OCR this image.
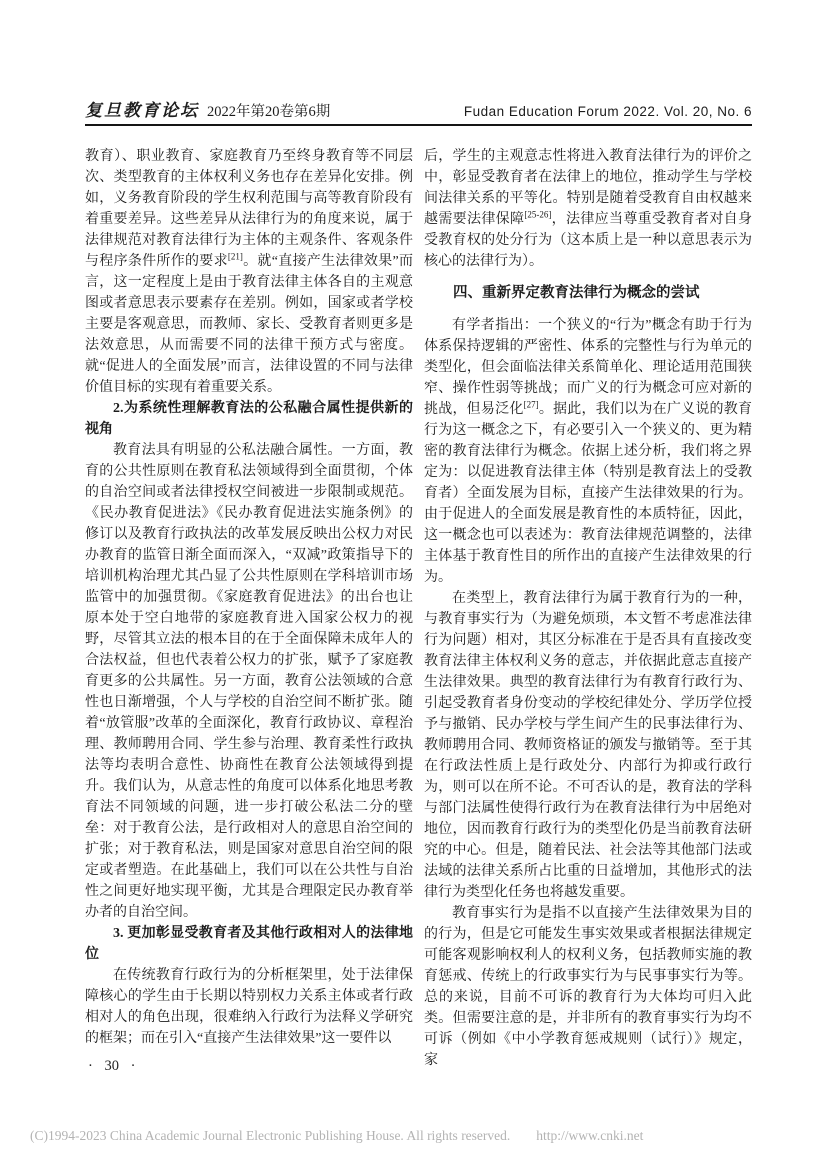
复旦教育论坛 2022年第20卷第6期	Fudan Education Forum 2022. Vol. 20, No. 6

教育）、职业教育、家庭教育乃至终身教育等不同层次、类型教育的主体权利义务也存在差异化安排。例如，义务教育阶段的学生权利范围与高等教育阶段有着重要差异。这些差异从法律行为的角度来说，属于法律规范对教育法律行为主体的主观条件、客观条件与程序条件所作的要求[21]。就“直接产生法律效果”而言，这一定程度上是由于教育法律主体各自的主观意图或者意思表示要素存在差别。例如，国家或者学校主要是客观意思，而教师、家长、受教育者则更多是法效意思，从而需要不同的法律干预方式与密度。就“促进人的全面发展”而言，法律设置的不同与法律价值目标的实现有着重要关系。

2.为系统性理解教育法的公私融合属性提供新的视角

教育法具有明显的公私法融合属性。一方面，教育的公共性原则在教育私法领域得到全面贯彻，个体的自治空间或者法律授权空间被进一步限制或规范。《民办教育促进法》《民办教育促进法实施条例》的修订以及教育行政执法的改革发展反映出公权力对民办教育的监管日渐全面而深入，“双减”政策指导下的培训机构治理尤其凸显了公共性原则在学科培训市场监管中的加强贯彻。《家庭教育促进法》的出台也让原本处于空白地带的家庭教育进入国家公权力的视野，尽管其立法的根本目的在于全面保障未成年人的合法权益，但也代表着公权力的扩张，赋予了家庭教育更多的公共属性。另一方面，教育公法领域的合意性也日渐增强，个人与学校的自治空间不断扩张。随着“放管服”改革的全面深化，教育行政协议、章程治理、教师聘用合同、学生参与治理、教育柔性行政执法等均表明合意性、协商性在教育公法领域得到提升。我们认为，从意志性的角度可以体系化地思考教育法不同领域的问题，进一步打破公私法二分的壁垒：对于教育公法，是行政相对人的意思自治空间的扩张；对于教育私法，则是国家对意思自治空间的限定或者塑造。在此基础上，我们可以在公共性与自治性之间更好地实现平衡，尤其是合理限定民办教育举办者的自治空间。

3. 更加彰显受教育者及其他行政相对人的法律地位

在传统教育行政行为的分析框架里，处于法律保障核心的学生由于长期以特别权力关系主体或者行政相对人的角色出现，很难纳入行政行为法释义学研究的框架；而在引入“直接产生法律效果”这一要件以

后，学生的主观意志性将进入教育法律行为的评价之中，彰显受教育者在法律上的地位，推动学生与学校间法律关系的平等化。特别是随着受教育自由权越来越需要法律保障[25-26]，法律应当尊重受教育者对自身受教育权的处分行为（这本质上是一种以意思表示为核心的法律行为）。

四、重新界定教育法律行为概念的尝试

有学者指出：一个狭义的“行为”概念有助于行为体系保持逻辑的严密性、体系的完整性与行为单元的类型化，但会面临法律关系简单化、理论适用范围狭窄、操作性弱等挑战；而广义的行为概念可应对新的挑战，但易泛化[27]。据此，我们以为在广义说的教育行为这一概念之下，有必要引入一个狭义的、更为精密的教育法律行为概念。依据上述分析，我们将之界定为：以促进教育法律主体（特别是教育法上的受教育者）全面发展为目标，直接产生法律效果的行为。由于促进人的全面发展是教育性的本质特征，因此，这一概念也可以表述为：教育法律规范调整的，法律主体基于教育性目的所作出的直接产生法律效果的行为。

在类型上，教育法律行为属于教育行为的一种，与教育事实行为（为避免烦琐，本文暂不考虑准法律行为问题）相对，其区分标准在于是否具有直接改变教育法律主体权利义务的意志，并依据此意志直接产生法律效果。典型的教育法律行为有教育行政行为、引起受教育者身份变动的学校纪律处分、学历学位授予与撤销、民办学校与学生间产生的民事法律行为、教师聘用合同、教师资格证的颁发与撤销等。至于其在行政法性质上是行政处分、内部行为抑或行政行为，则可以在所不论。不可否认的是，教育法的学科与部门法属性使得行政行为在教育法律行为中居绝对地位，因而教育行政行为的类型化仍是当前教育法研究的中心。但是，随着民法、社会法等其他部门法或法域的法律关系所占比重的日益增加，其他形式的法律行为类型化任务也将越发重要。

教育事实行为是指不以直接产生法律效果为目的的行为，但是它可能发生事实效果或者根据法律规定可能客观影响权利人的权利义务，包括教师实施的教育惩戒、传统上的行政事实行为与民事事实行为等。总的来说，目前不可诉的教育行为大体均可归入此类。但需要注意的是，并非所有的教育事实行为均不可诉（例如《中小学教育惩戒规则（试行）》规定，家

· 30 ·
(C)1994-2023 China Academic Journal Electronic Publishing House. All rights reserved. http://www.cnki.net
